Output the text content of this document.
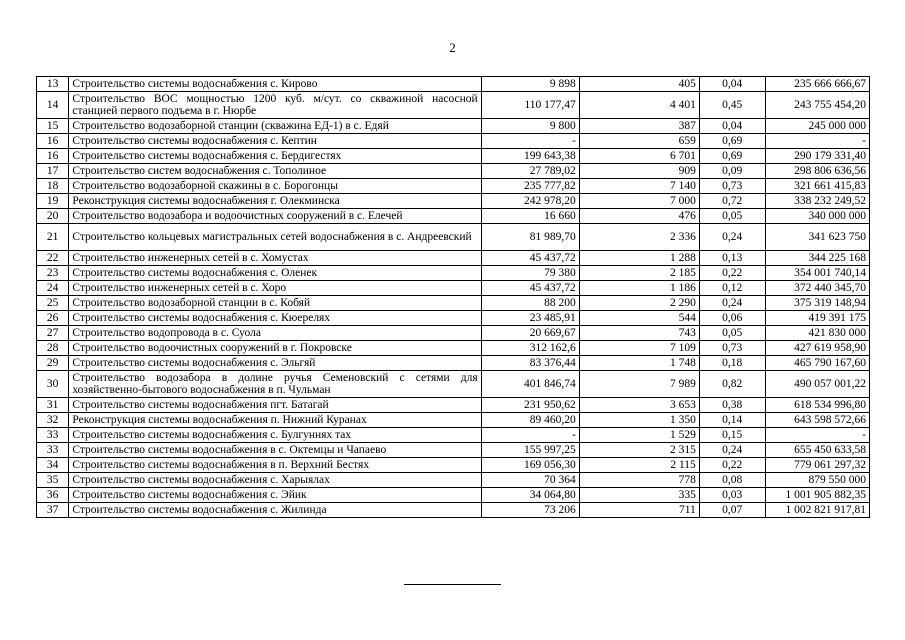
2
13	Строительство системы водоснабжения с. Кирово	9 898	405	0,04	235 666 666,67
14	Строительство ВОС мощностью 1200 куб. м/сут. со скважиной насосной станцией первого подъема в г. Нюрбе	110 177,47	4 401	0,45	243 755 454,20
15	Строительство водозаборной станции (скважина ЕД-1) в с. Едяй	9 800	387	0,04	245 000 000
16	Строительство системы водоснабжения с. Кептин	-	659	0,69	-
16	Строительство системы водоснабжения с. Бердигестях	199 643,38	6 701	0,69	290 179 331,40
17	Строительство систем водоснабжения с. Тополиное	27 789,02	909	0,09	298 806 636,56
18	Строительство водозаборной скажины в с. Борогонцы	235 777,82	7 140	0,73	321 661 415,83
19	Реконструкция системы водоснабжения г. Олекминска	242 978,20	7 000	0,72	338 232 249,52
20	Строительство водозабора и водоочистных сооружений в с. Елечей	16 660	476	0,05	340 000 000
21	Строительство кольцевых магистральных сетей водоснабжения в с. Андреевский	81 989,70	2 336	0,24	341 623 750
22	Строительство инженерных сетей в с. Хомустах	45 437,72	1 288	0,13	344 225 168
23	Строительство системы водоснабжения с. Оленек	79 380	2 185	0,22	354 001 740,14
24	Строительство инженерных сетей в с. Хоро	45 437,72	1 186	0,12	372 440 345,70
25	Строительство водозаборной станции в с. Кобяй	88 200	2 290	0,24	375 319 148,94
26	Строительство системы водоснабжения с. Кюерелях	23 485,91	544	0,06	419 391 175
27	Строительство водопровода в с. Суола	20 669,67	743	0,05	421 830 000
28	Строительство водоочистных сооружений в г. Покровске	312 162,6	7 109	0,73	427 619 958,90
29	Строительство системы водоснабжения с. Эльгяй	83 376,44	1 748	0,18	465 790 167,60
30	Строительство водозабора в долине ручья Семеновский с сетями для хозяйственно-бытового водоснабжения в п. Чульман	401 846,74	7 989	0,82	490 057 001,22
31	Строительство системы водоснабжения пгт. Батагай	231 950,62	3 653	0,38	618 534 996,80
32	Реконструкция системы водоснабжения п. Нижний Куранах	89 460,20	1 350	0,14	643 598 572,66
33	Строительство системы водоснабжения с. Булгуннях тах	-	1 529	0,15	-
33	Строительство системы водоснабжения в с. Октемцы и Чапаево	155 997,25	2 315	0,24	655 450 633,58
34	Строительство системы водоснабжения в п. Верхний Бестях	169 056,30	2 115	0,22	779 061 297,32
35	Строительство системы водоснабжения с. Харыялах	70 364	778	0,08	879 550 000
36	Строительство системы водоснабжения с. Эйик	34 064,80	335	0,03	1 001 905 882,35
37	Строительство системы водоснабжения с. Жилинда	73 206	711	0,07	1 002 821 917,81
